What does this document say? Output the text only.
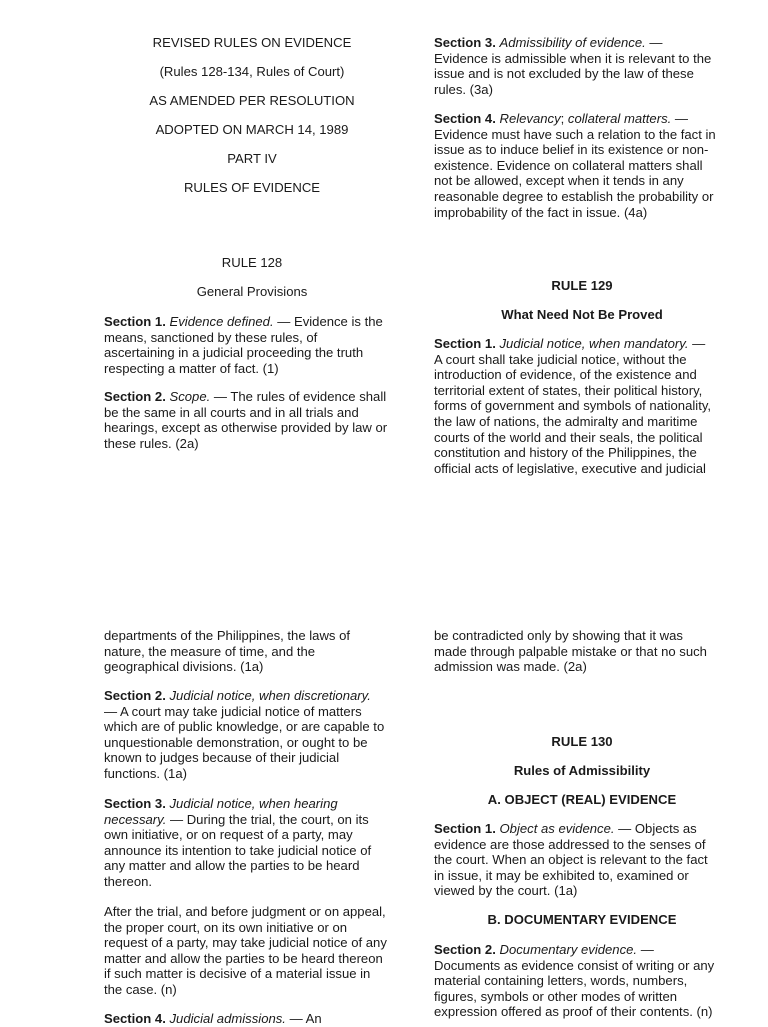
REVISED RULES ON EVIDENCE

(Rules 128-134, Rules of Court)

AS AMENDED PER RESOLUTION

ADOPTED ON MARCH 14, 1989

PART IV

RULES OF EVIDENCE

RULE 128

General Provisions

Section 1. Evidence defined. — Evidence is the

means, sanctioned by these rules, of

ascertaining in a judicial proceeding the truth

respecting a matter of fact. (1)

Section 2. Scope. — The rules of evidence shall

be the same in all courts and in all trials and

hearings, except as otherwise provided by law or

these rules. (2a)

Section 3. Admissibility of evidence. —

Evidence is admissible when it is relevant to the

issue and is not excluded by the law of these

rules. (3a)

Section 4. Relevancy; collateral matters. —

Evidence must have such a relation to the fact in

issue as to induce belief in its existence or non-

existence. Evidence on collateral matters shall

not be allowed, except when it tends in any

reasonable degree to establish the probability or

improbability of the fact in issue. (4a)

RULE 129

What Need Not Be Proved

Section 1. Judicial notice, when mandatory. —

A court shall take judicial notice, without the

introduction of evidence, of the existence and

territorial extent of states, their political history,

forms of government and symbols of nationality,

the law of nations, the admiralty and maritime

courts of the world and their seals, the political

constitution and history of the Philippines, the

official acts of legislative, executive and judicial

departments of the Philippines, the laws of

nature, the measure of time, and the

geographical divisions. (1a)

Section 2. Judicial notice, when discretionary.

— A court may take judicial notice of matters

which are of public knowledge, or are capable to

unquestionable demonstration, or ought to be

known to judges because of their judicial

functions. (1a)

Section 3. Judicial notice, when hearing

necessary. — During the trial, the court, on its

own initiative, or on request of a party, may

announce its intention to take judicial notice of

any matter and allow the parties to be heard

thereon.

After the trial, and before judgment or on appeal,

the proper court, on its own initiative or on

request of a party, may take judicial notice of any

matter and allow the parties to be heard thereon

if such matter is decisive of a material issue in

the case. (n)

Section 4. Judicial admissions. — An

be contradicted only by showing that it was

made through palpable mistake or that no such

admission was made. (2a)

RULE 130

Rules of Admissibility

A. OBJECT (REAL) EVIDENCE

Section 1. Object as evidence. — Objects as

evidence are those addressed to the senses of

the court. When an object is relevant to the fact

in issue, it may be exhibited to, examined or

viewed by the court. (1a)

B. DOCUMENTARY EVIDENCE

Section 2. Documentary evidence. —

Documents as evidence consist of writing or any

material containing letters, words, numbers,

figures, symbols or other modes of written

expression offered as proof of their contents. (n)
